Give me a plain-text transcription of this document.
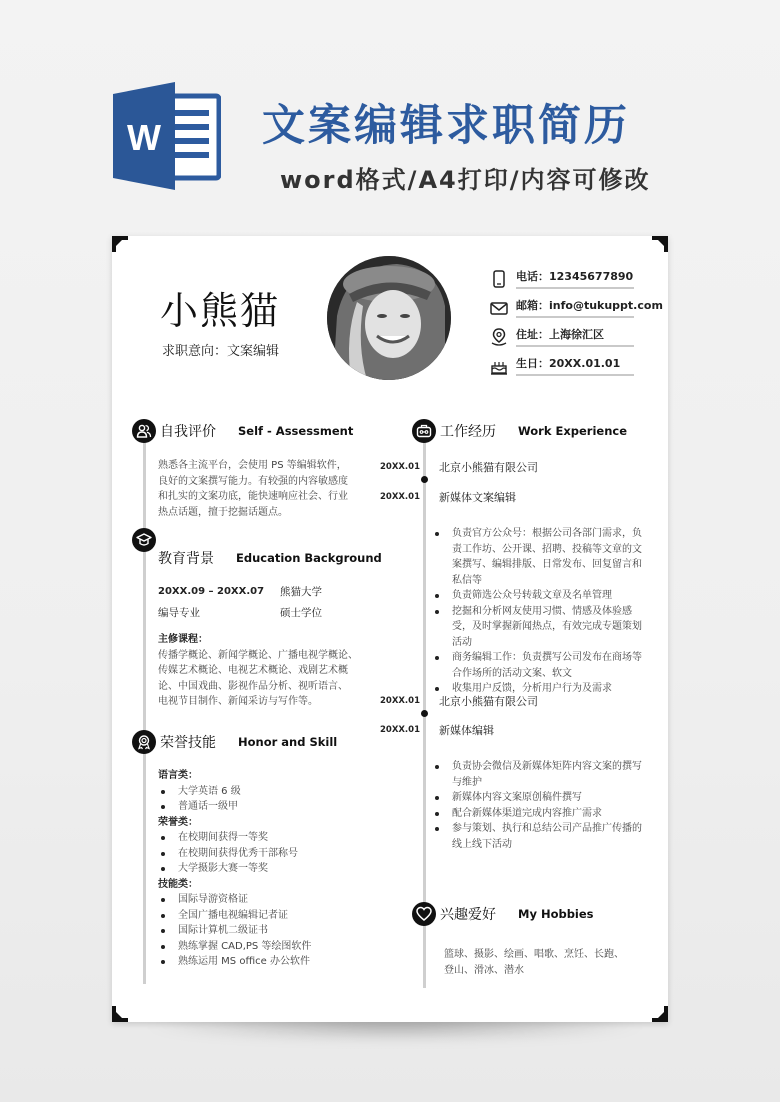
W 文案编辑求职简历
word格式/A4打印/内容可修改
小熊猫
求职意向：文案编辑
电话：12345677890
邮箱：info@tukuppt.com
住址：上海徐汇区
生日：20XX.01.01
自我评价 Self - Assessment
熟悉各主流平台，会使用 PS 等编辑软件，
良好的文案撰写能力。有较强的内容敏感度
和扎实的文案功底，能快速响应社会、行业
热点话题，擅于挖掘话题点。
教育背景 Education Background
20XX.09 – 20XX.07	熊猫大学
编导专业	硕士学位
主修课程：
传播学概论、新闻学概论、广播电视学概论、
传媒艺术概论、电视艺术概论、戏剧艺术概
论、中国戏曲、影视作品分析、视听语言、
电视节目制作、新闻采访与写作等。
荣誉技能 Honor and Skill
语言类：
大学英语 6 级
普通话一级甲
荣誉类：
在校期间获得一等奖
在校期间获得优秀干部称号
大学摄影大赛一等奖
技能类：
国际导游资格证
全国广播电视编辑记者证
国际计算机二级证书
熟练掌握 CAD,PS 等绘图软件
熟练运用 MS office 办公软件
工作经历 Work Experience
20XX.01 北京小熊猫有限公司
20XX.01 新媒体文案编辑
负责官方公众号：根据公司各部门需求，负责工作坊、公开课、招聘、投稿等文章的文案撰写、编辑排版、日常发布、回复留言和私信等
负责筛选公众号转载文章及名单管理
挖掘和分析网友使用习惯、情感及体验感受，及时掌握新闻热点，有效完成专题策划活动
商务编辑工作：负责撰写公司发布在商场等合作场所的活动文案、软文
收集用户反馈，分析用户行为及需求
20XX.01 北京小熊猫有限公司
20XX.01 新媒体编辑
负责协会微信及新媒体矩阵内容文案的撰写与维护
新媒体内容文案原创稿件撰写
配合新媒体渠道完成内容推广需求
参与策划、执行和总结公司产品推广传播的线上线下活动
兴趣爱好 My Hobbies
篮球、摄影、绘画、唱歌、烹饪、长跑、
登山、滑冰、潜水
